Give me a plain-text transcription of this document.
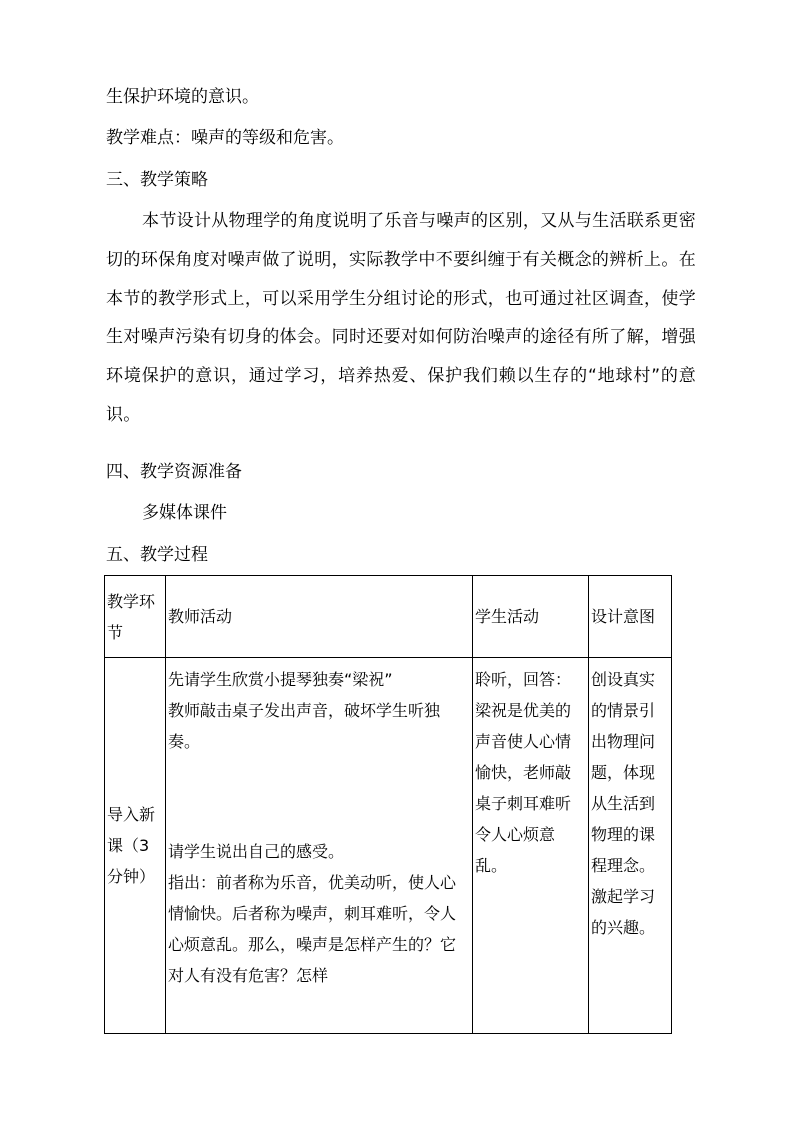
生保护环境的意识。
教学难点：噪声的等级和危害。
三、教学策略
本节设计从物理学的角度说明了乐音与噪声的区别，又从与生活联系更密切的环保角度对噪声做了说明，实际教学中不要纠缠于有关概念的辨析上。在本节的教学形式上，可以采用学生分组讨论的形式，也可通过社区调查，使学生对噪声污染有切身的体会。同时还要对如何防治噪声的途径有所了解，增强环境保护的意识，通过学习，培养热爱、保护我们赖以生存的“地球村”的意识。
四、教学资源准备
多媒体课件
五、教学过程
教学环节	教师活动	学生活动	设计意图

导入新课（3分钟）	先请学生欣赏小提琴独奏“梁祝”
教师敲击桌子发出声音，破坏学生听独奏。
请学生说出自己的感受。
指出：前者称为乐音，优美动听，使人心情愉快。后者称为噪声，刺耳难听，令人心烦意乱。那么，噪声是怎样产生的？它对人有没有危害？怎样	聆听，回答：梁祝是优美的声音使人心情愉快，老师敲桌子刺耳难听令人心烦意乱。	创设真实的情景引出物理问题，体现从生活到物理的课程理念。激起学习的兴趣。
